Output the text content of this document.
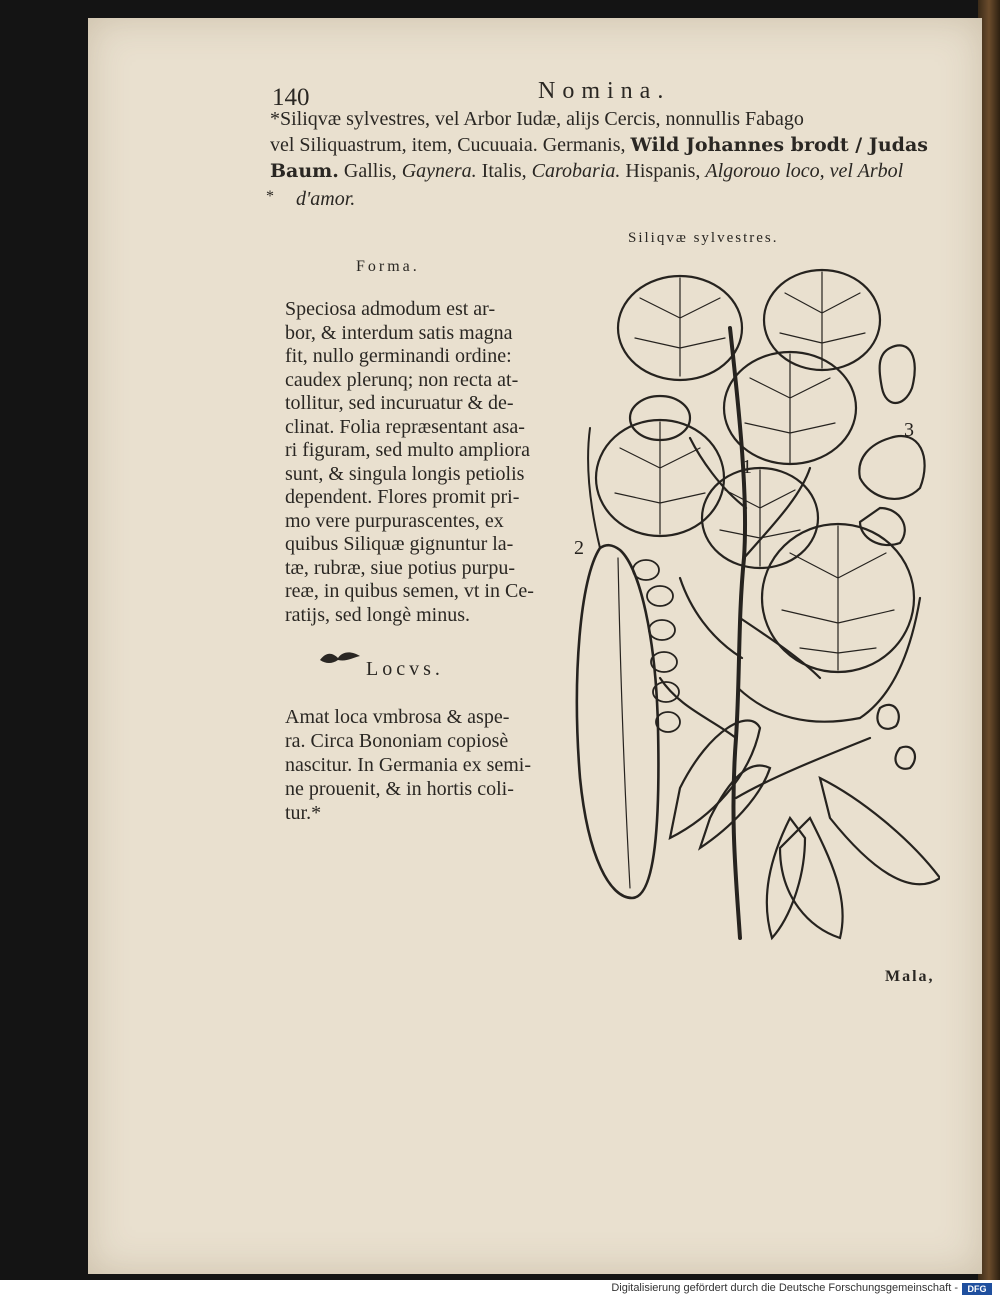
140	Nomina.
*Siliqvæ sylvestres, vel Arbor Iudæ, alijs Cercis, nonnullis Fabago
vel Siliquastrum, item, Cucuuaia. Germanis, Wild Johannes brodt / Judas
Baum. Gallis, Gaynera. Italis, Carobaria. Hispanis, Algorouo loco, vel Arbol
* d'amor.
Siliqvæ sylvestres.
Forma.
Speciosa admodum est ar-
bor, & interdum satis magna
fit, nullo germinandi ordine:
caudex plerunq; non recta at-
tollitur, sed incuruatur & de-
clinat. Folia repræsentant asa-
ri figuram, sed multo ampliora
sunt, & singula longis petiolis
dependent. Flores promit pri-
mo vere purpurascentes, ex
quibus Siliquæ gignuntur la-
tæ, rubræ, siue potius purpu-
reæ, in quibus semen, vt in Ce-
ratijs, sed longè minus.
Locvs.
Amat loca vmbrosa & aspe-
ra. Circa Bononiam copiosè
nascitur. In Germania ex semi-
ne prouenit, & in hortis coli-
tur.*
1
2
3
Mala,
Digitalisierung gefördert durch die Deutsche Forschungsgemeinschaft -	DFG
